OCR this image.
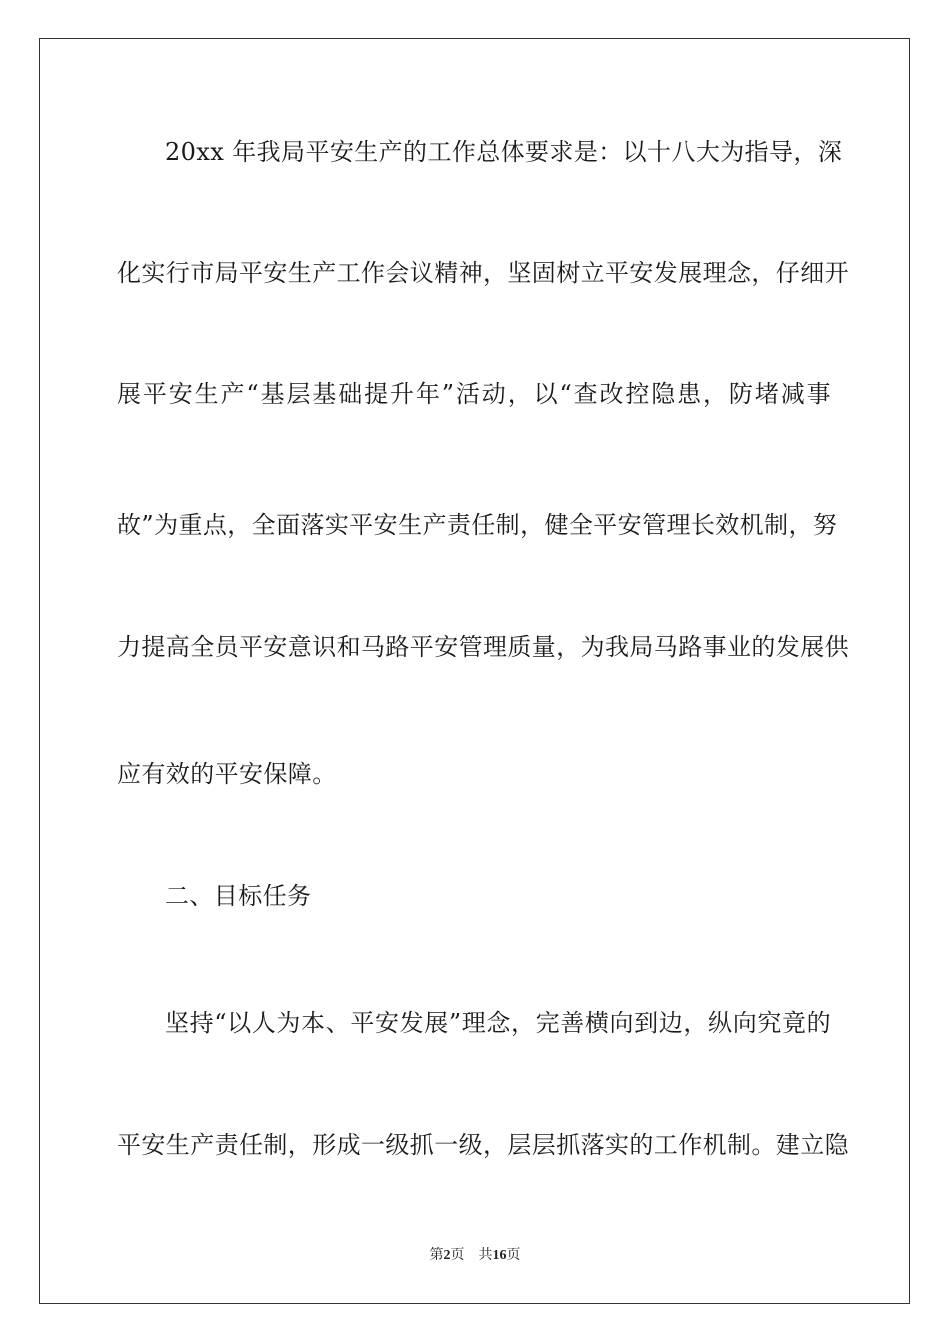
20xx 年我局平安生产的工作总体要求是：以十八大为指导，深
化实行市局平安生产工作会议精神，坚固树立平安发展理念，仔细开
展平安生产“基层基础提升年”活动，以“查改控隐患，防堵减事
故”为重点，全面落实平安生产责任制，健全平安管理长效机制，努
力提高全员平安意识和马路平安管理质量，为我局马路事业的发展供
应有效的平安保障。
二、目标任务
坚持“以人为本、平安发展”理念，完善横向到边，纵向究竟的
平安生产责任制，形成一级抓一级，层层抓落实的工作机制。建立隐
第2页 共16页
